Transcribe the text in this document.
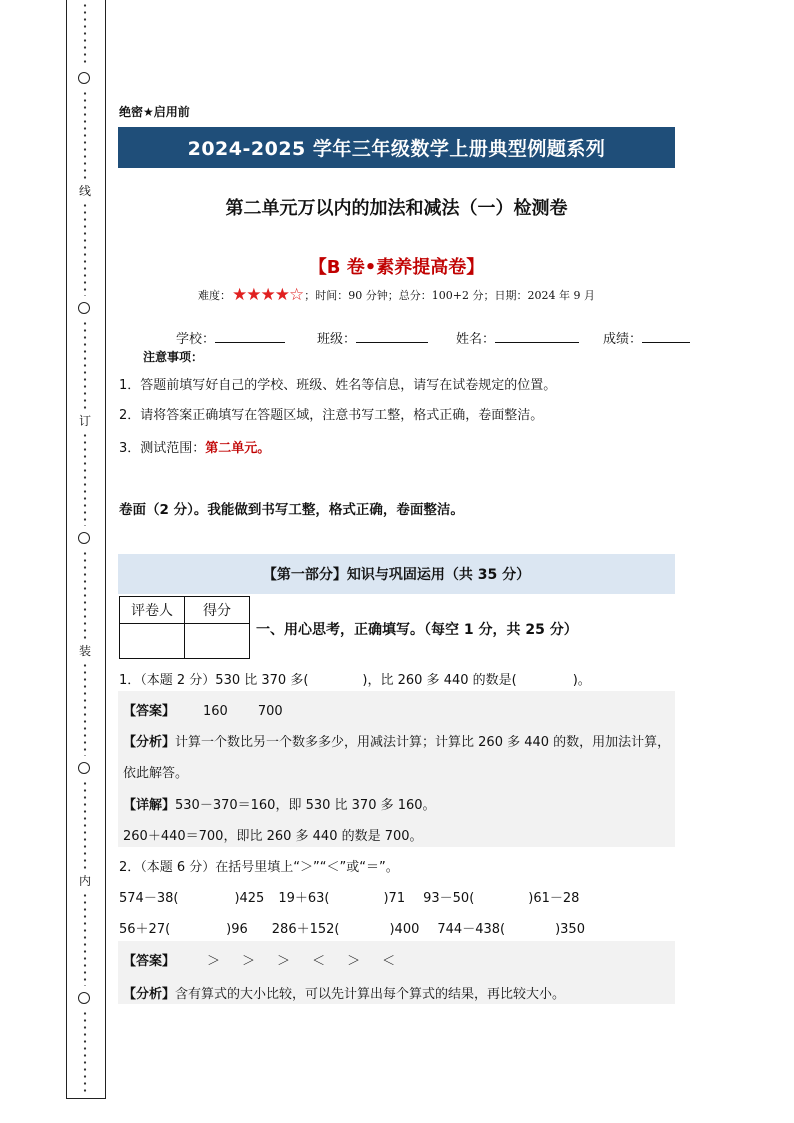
线
订
装
内
绝密★启用前
2024-2025 学年三年级数学上册典型例题系列
第二单元万以内的加法和减法（一）检测卷
【B 卷•素养提高卷】
难度： ★★★★☆ ；时间：90 分钟；总分：100+2 分；日期：2024 年 9 月
学校：	班级：	姓名：	成绩：
注意事项：
1．答题前填写好自己的学校、班级、姓名等信息，请写在试卷规定的位置。
2．请将答案正确填写在答题区域，注意书写工整，格式正确，卷面整洁。
3．测试范围：第二单元。
卷面（2 分）。我能做到书写工整，格式正确，卷面整洁。
【第一部分】知识与巩固运用（共 35 分）
评卷人	得分

一、用心思考，正确填写。（每空 1 分，共 25 分）
1．（本题 2 分）530 比 370 多(	)，比 260 多 440 的数是(	)。
【答案】 160 700
【分析】计算一个数比另一个数多多少，用减法计算；计算比 260 多 440 的数，用加法计算，
依此解答。
【详解】530－370＝160，即 530 比 370 多 160。
260＋440＝700，即比 260 多 440 的数是 700。
2．（本题 6 分）在括号里填上“＞”“＜”或“＝”。
574－38(	)425 19＋63(	)71 93－50(	)61－28
56＋27(	)96 286＋152(	)400 744－438(	)350
【答案】 ＞ ＞ ＞ ＜ ＞ ＜
【分析】含有算式的大小比较，可以先计算出每个算式的结果，再比较大小。
